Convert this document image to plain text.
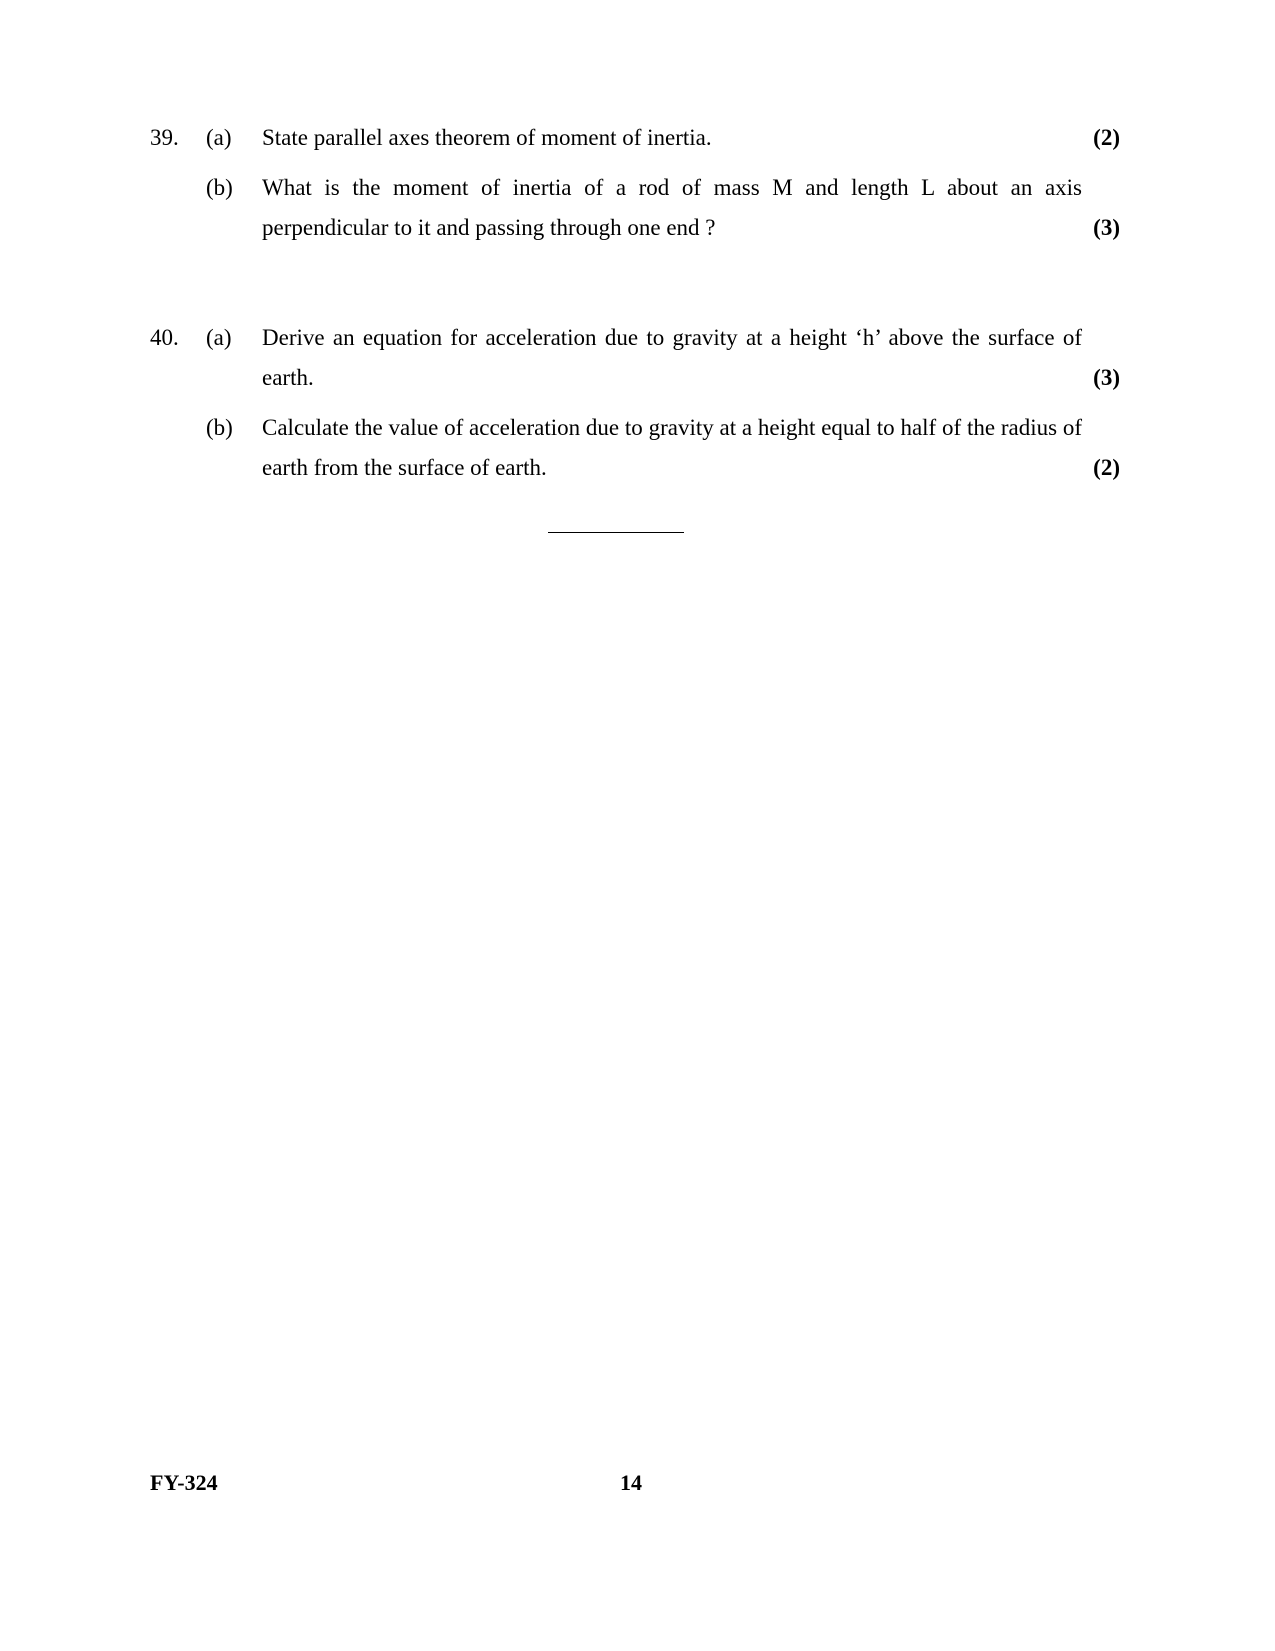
39.	(a)	State parallel axes theorem of moment of inertia.	(2)
(b)	What is the moment of inertia of a rod of mass M and length L about an axis perpendicular to it and passing through one end ?	(3)
40.	(a)	Derive an equation for acceleration due to gravity at a height ‘h’ above the surface of earth.	(3)
(b)	Calculate the value of acceleration due to gravity at a height equal to half of the radius of earth from the surface of earth.	(2)
FY-324	14
